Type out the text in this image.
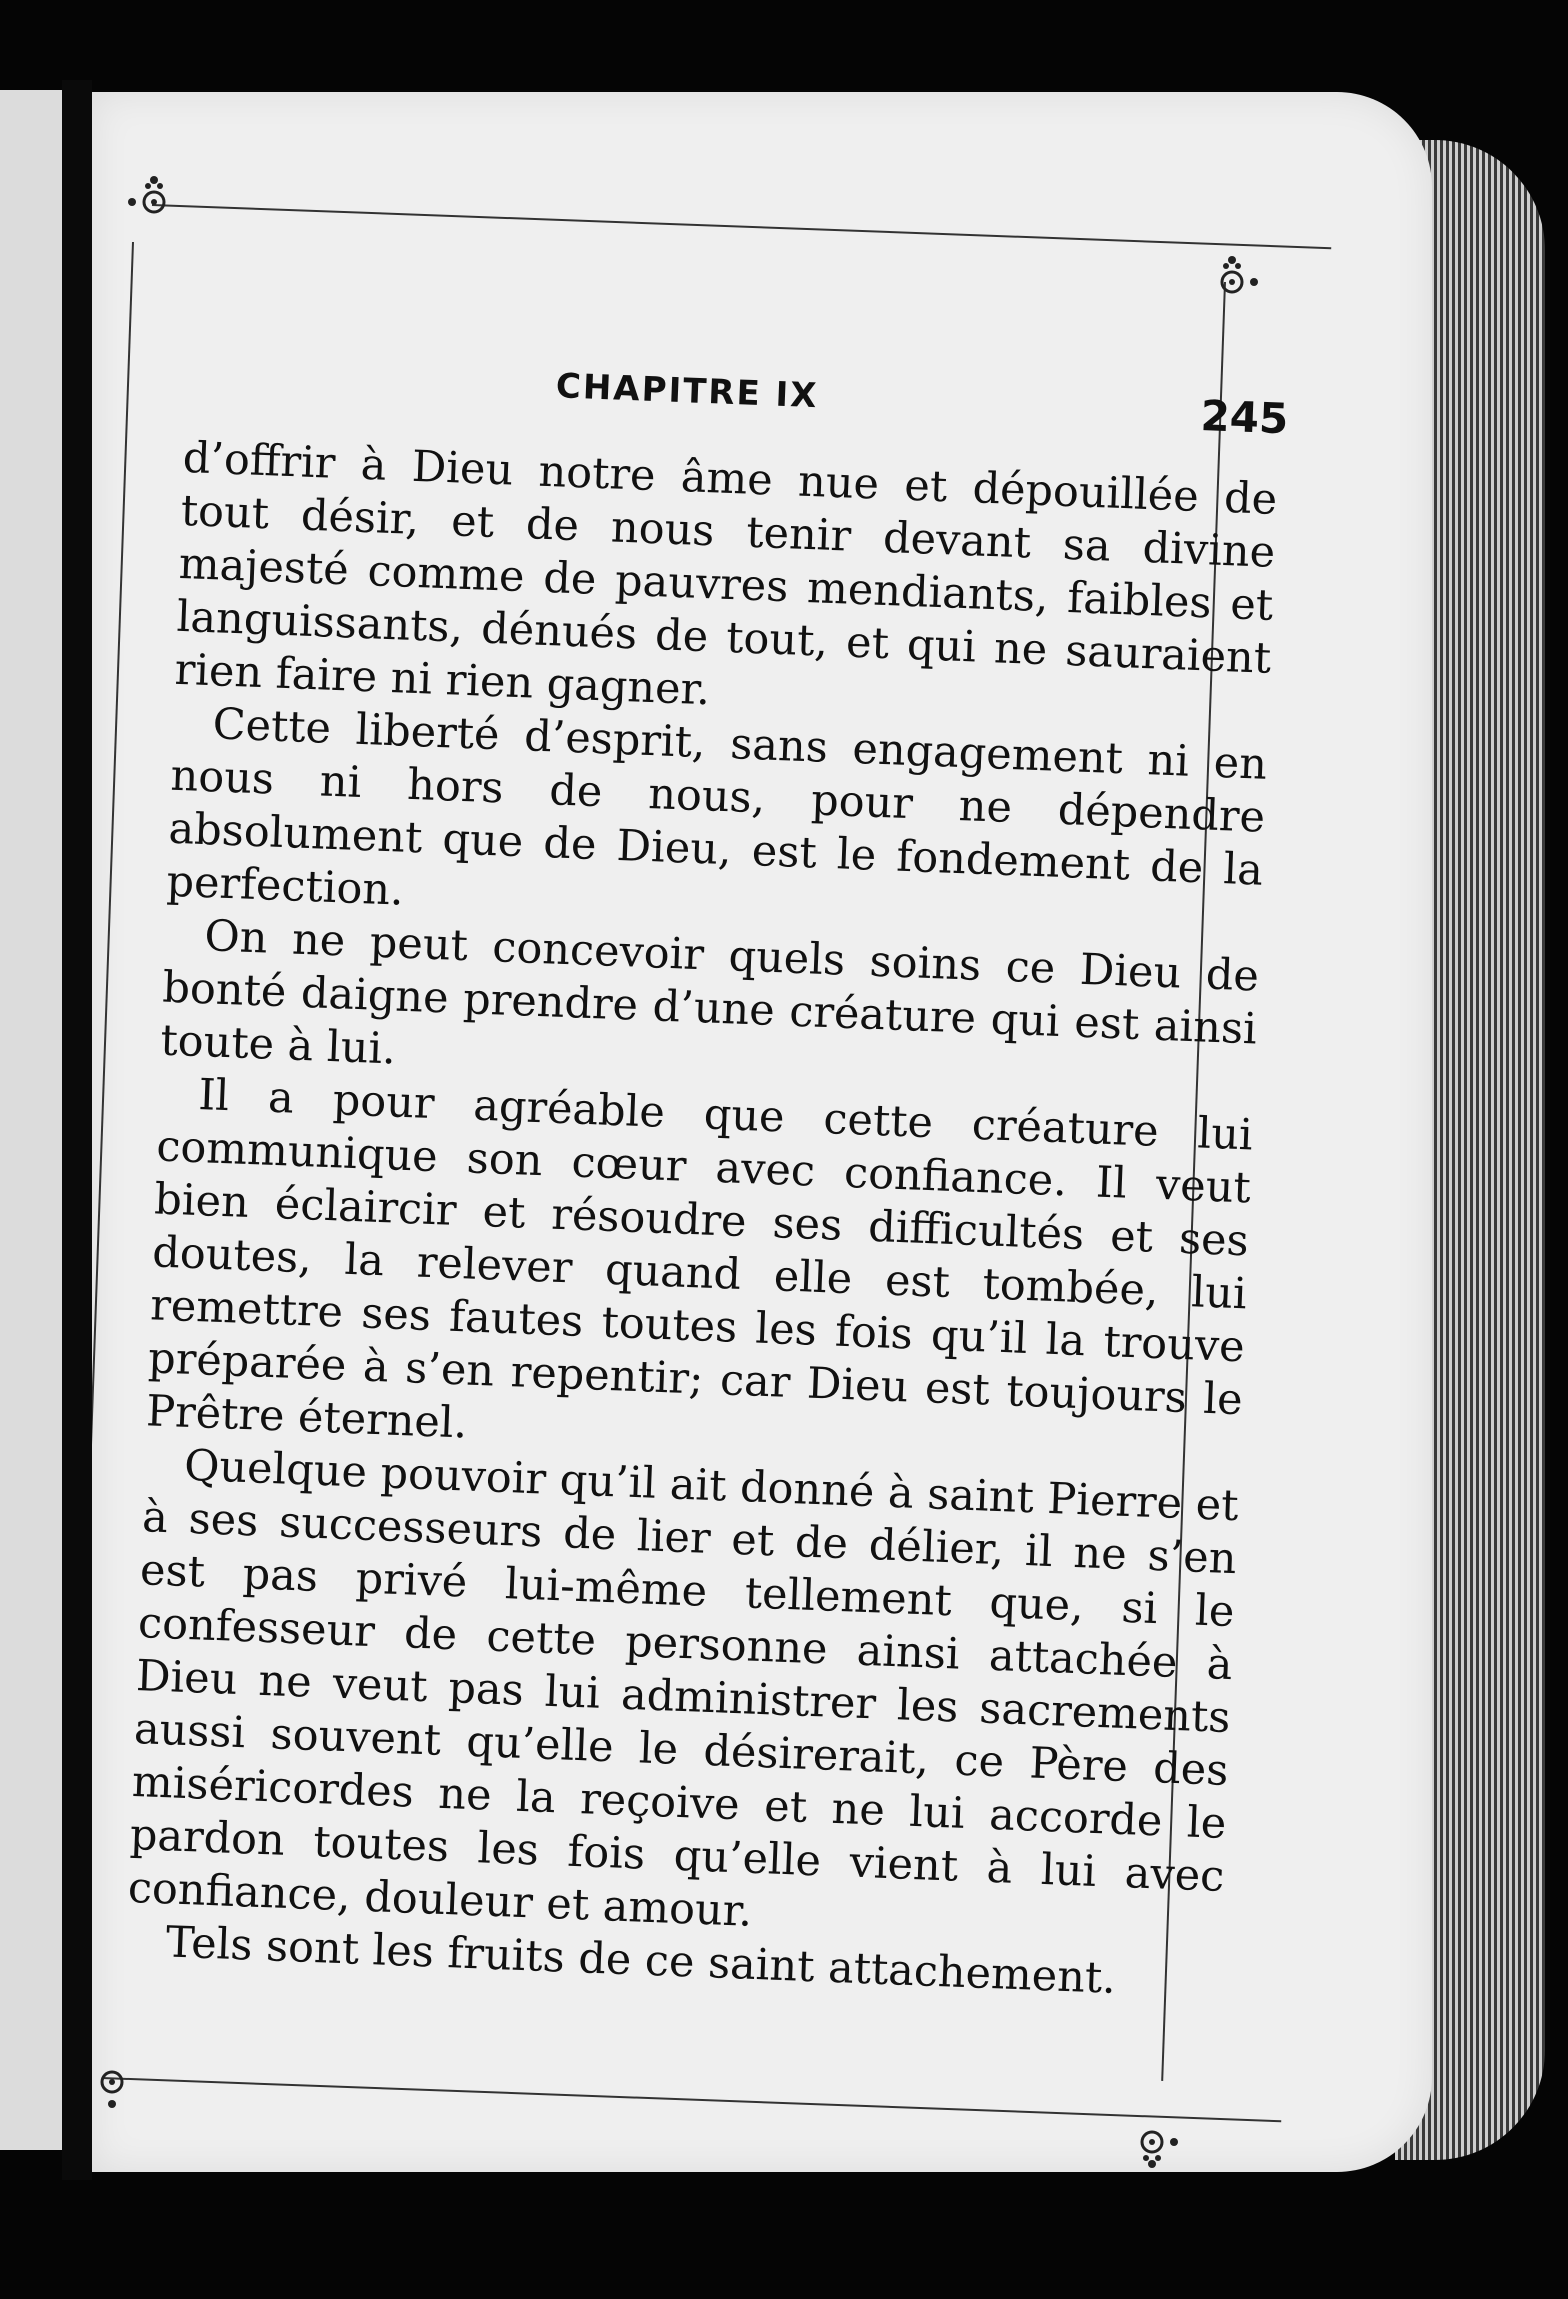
CHAPITRE IX	245

d’offrir à Dieu notre âme nue et dépouillée de tout désir, et de nous tenir devant sa divine majesté comme de pauvres mendiants, faibles et languissants, dénués de tout, et qui ne sauraient rien faire ni rien gagner.

Cette liberté d’esprit, sans engagement ni en nous ni hors de nous, pour ne dépendre absolument que de Dieu, est le fondement de la perfection.

On ne peut concevoir quels soins ce Dieu de bonté daigne prendre d’une créature qui est ainsi toute à lui.

Il a pour agréable que cette créature lui communique son cœur avec confiance. Il veut bien éclaircir et résoudre ses difficultés et ses doutes, la relever quand elle est tombée, lui remettre ses fautes toutes les fois qu’il la trouve préparée à s’en repentir; car Dieu est toujours le Prêtre éternel.

Quelque pouvoir qu’il ait donné à saint Pierre et à ses successeurs de lier et de délier, il ne s’en est pas privé lui-même tellement que, si le confesseur de cette personne ainsi attachée à Dieu ne veut pas lui administrer les sacrements aussi souvent qu’elle le désirerait, ce Père des miséricordes ne la reçoive et ne lui accorde le pardon toutes les fois qu’elle vient à lui avec confiance, douleur et amour.

Tels sont les fruits de ce saint attachement.
